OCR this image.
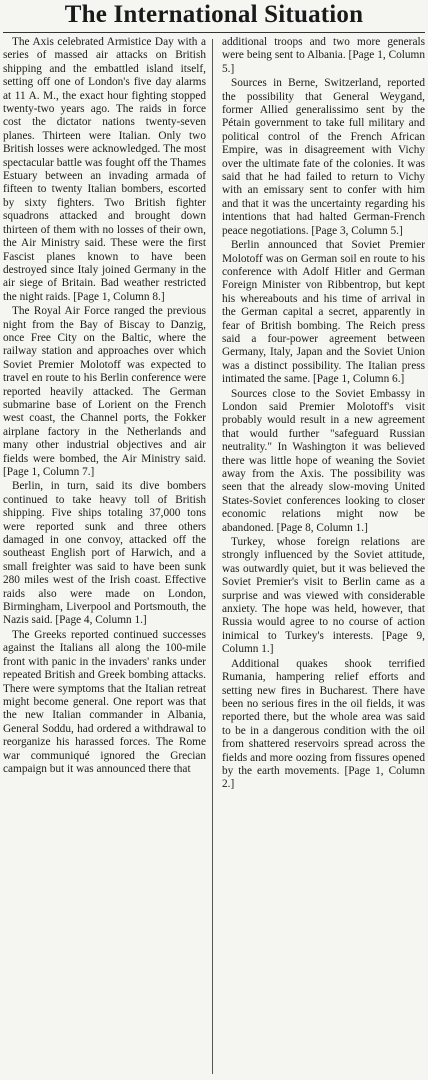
The International Situation

The Axis celebrated Armistice Day with a series of massed air attacks on British shipping and the embattled island itself, setting off one of London's five day alarms at 11 A. M., the exact hour fighting stopped twenty-two years ago. The raids in force cost the dictator nations twenty-seven planes. Thirteen were Italian. Only two British losses were acknowledged. The most spectacular battle was fought off the Thames Estuary between an invading armada of fifteen to twenty Italian bombers, escorted by sixty fighters. Two British fighter squadrons attacked and brought down thirteen of them with no losses of their own, the Air Ministry said. These were the first Fascist planes known to have been destroyed since Italy joined Germany in the air siege of Britain. Bad weather restricted the night raids. [Page 1, Column 8.]

The Royal Air Force ranged the previous night from the Bay of Biscay to Danzig, once Free City on the Baltic, where the railway station and approaches over which Soviet Premier Molotoff was expected to travel en route to his Berlin conference were reported heavily attacked. The German submarine base of Lorient on the French west coast, the Channel ports, the Fokker airplane factory in the Netherlands and many other industrial objectives and air fields were bombed, the Air Ministry said. [Page 1, Column 7.]

Berlin, in turn, said its dive bombers continued to take heavy toll of British shipping. Five ships totaling 37,000 tons were reported sunk and three others damaged in one convoy, attacked off the southeast English port of Harwich, and a small freighter was said to have been sunk 280 miles west of the Irish coast. Effective raids also were made on London, Birmingham, Liverpool and Portsmouth, the Nazis said. [Page 4, Column 1.]

The Greeks reported continued successes against the Italians all along the 100-mile front with panic in the invaders' ranks under repeated British and Greek bombing attacks. There were symptoms that the Italian retreat might become general. One report was that the new Italian commander in Albania, General Soddu, had ordered a withdrawal to reorganize his harassed forces. The Rome war communiqué ignored the Grecian campaign but it was announced there that

additional troops and two more generals were being sent to Albania. [Page 1, Column 5.]

Sources in Berne, Switzerland, reported the possibility that General Weygand, former Allied generalissimo sent by the Pétain government to take full military and political control of the French African Empire, was in disagreement with Vichy over the ultimate fate of the colonies. It was said that he had failed to return to Vichy with an emissary sent to confer with him and that it was the uncertainty regarding his intentions that had halted German-French peace negotiations. [Page 3, Column 5.]

Berlin announced that Soviet Premier Molotoff was on German soil en route to his conference with Adolf Hitler and German Foreign Minister von Ribbentrop, but kept his whereabouts and his time of arrival in the German capital a secret, apparently in fear of British bombing. The Reich press said a four-power agreement between Germany, Italy, Japan and the Soviet Union was a distinct possibility. The Italian press intimated the same. [Page 1, Column 6.]

Sources close to the Soviet Embassy in London said Premier Molotoff's visit probably would result in a new agreement that would further "safeguard Russian neutrality." In Washington it was believed there was little hope of weaning the Soviet away from the Axis. The possibility was seen that the already slow-moving United States-Soviet conferences looking to closer economic relations might now be abandoned. [Page 8, Column 1.]

Turkey, whose foreign relations are strongly influenced by the Soviet attitude, was outwardly quiet, but it was believed the Soviet Premier's visit to Berlin came as a surprise and was viewed with considerable anxiety. The hope was held, however, that Russia would agree to no course of action inimical to Turkey's interests. [Page 9, Column 1.]

Additional quakes shook terrified Rumania, hampering relief efforts and setting new fires in Bucharest. There have been no serious fires in the oil fields, it was reported there, but the whole area was said to be in a dangerous condition with the oil from shattered reservoirs spread across the fields and more oozing from fissures opened by the earth movements. [Page 1, Column 2.]
